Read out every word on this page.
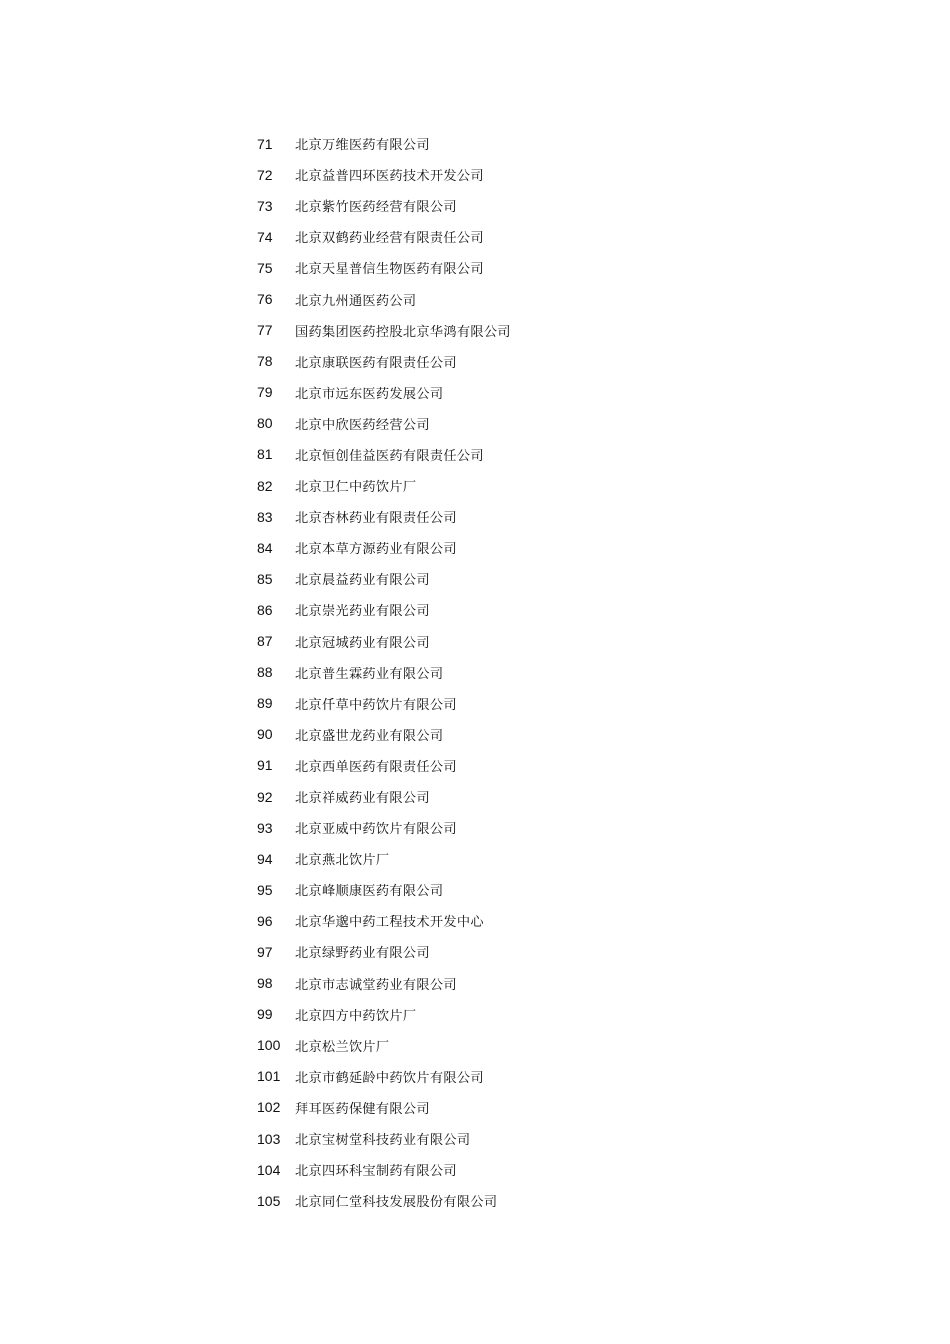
71	北京万维医药有限公司
72	北京益普四环医药技术开发公司
73	北京紫竹医药经营有限公司
74	北京双鹤药业经营有限责任公司
75	北京天星普信生物医药有限公司
76	北京九州通医药公司
77	国药集团医药控股北京华鸿有限公司
78	北京康联医药有限责任公司
79	北京市远东医药发展公司
80	北京中欣医药经营公司
81	北京恒创佳益医药有限责任公司
82	北京卫仁中药饮片厂
83	北京杏林药业有限责任公司
84	北京本草方源药业有限公司
85	北京晨益药业有限公司
86	北京崇光药业有限公司
87	北京冠城药业有限公司
88	北京普生霖药业有限公司
89	北京仟草中药饮片有限公司
90	北京盛世龙药业有限公司
91	北京西单医药有限责任公司
92	北京祥威药业有限公司
93	北京亚威中药饮片有限公司
94	北京燕北饮片厂
95	北京峰顺康医药有限公司
96	北京华邈中药工程技术开发中心
97	北京绿野药业有限公司
98	北京市志诚堂药业有限公司
99	北京四方中药饮片厂
100	北京松兰饮片厂
101	北京市鹤延龄中药饮片有限公司
102	拜耳医药保健有限公司
103	北京宝树堂科技药业有限公司
104	北京四环科宝制药有限公司
105	北京同仁堂科技发展股份有限公司
